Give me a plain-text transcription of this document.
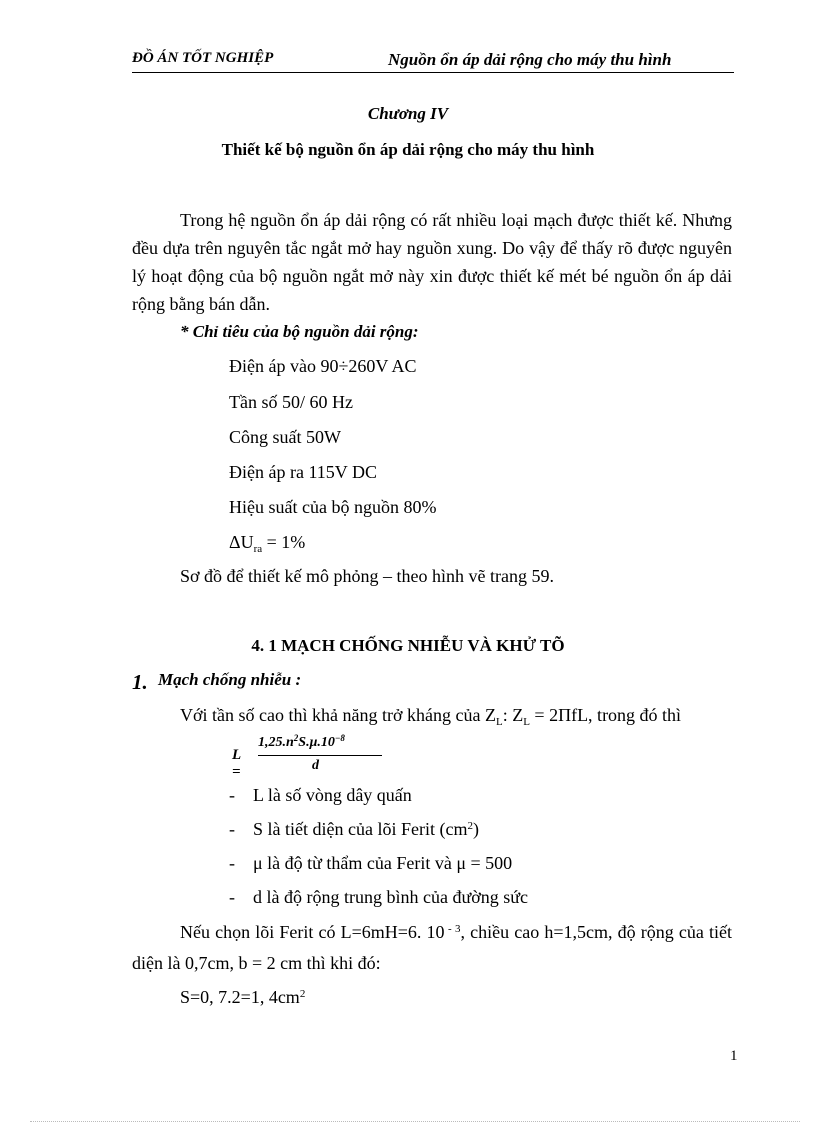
ĐỒ ÁN TỐT NGHIỆP	Nguồn ổn áp dải rộng cho máy thu hình
Chương IV
Thiết kế bộ nguồn ổn áp dải rộng cho máy thu hình
Trong hệ nguồn ổn áp dải rộng có rất nhiều loại mạch được thiết kế. Nhưng đều dựa trên nguyên tắc ngắt mở hay nguồn xung. Do vậy để thấy rõ được nguyên lý hoạt động của bộ nguồn ngắt mở này xin được thiết kế mét bé nguồn ổn áp dải rộng bằng bán dẫn.
* Chỉ tiêu của bộ nguồn dải rộng:
Điện áp vào 90÷260V AC
Tần số 50/ 60 Hz
Công suất 50W
Điện áp ra 115V DC
Hiệu suất của bộ nguồn 80%
$\Delta U_{ra} = 1\%$
Sơ đồ để thiết kế mô phỏng – theo hình vẽ trang 59.
4. 1 MẠCH CHỐNG NHIỄU VÀ KHỬ TÕ
1. Mạch chống nhiễu :
Với tần số cao thì khả năng trở kháng của $Z_L$: $Z_L = 2\Pi fL$, trong đó thì
L =
$1,25.n^2S.\mu.10^{-8}$
d
- L là số vòng dây quấn
- S là tiết diện của lõi Ferit $(cm^2)$
- μ là độ từ thẩm của Ferit và μ = 500
- d là độ rộng trung bình của đường sức
Nếu chọn lõi Ferit có L=6mH=6. 10 $^{- 3}$, chiều cao h=1,5cm, độ rộng của tiết diện là 0,7cm, b = 2 cm thì khi đó:
S=0, 7.2=1, $4cm^2$
1
